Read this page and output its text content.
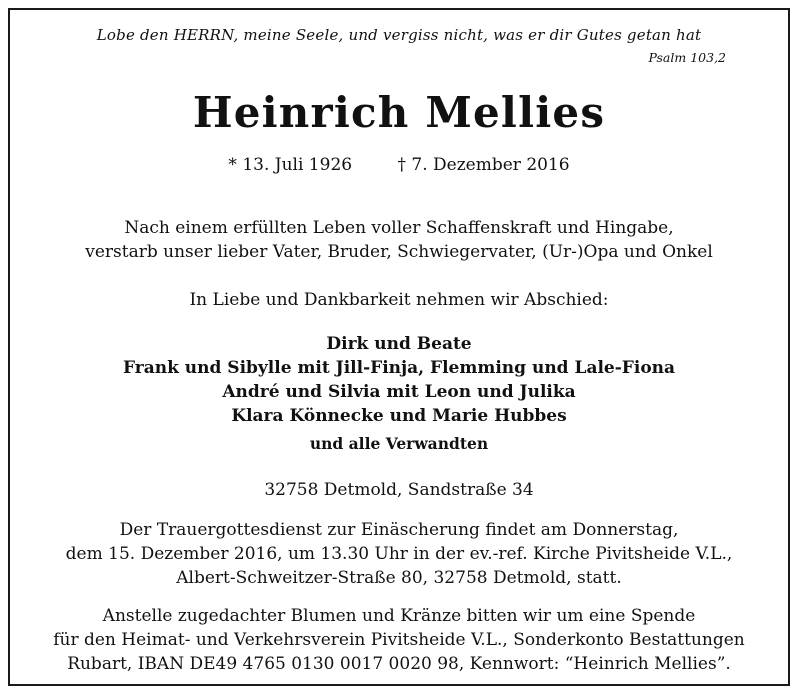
Lobe den HERRN, meine Seele, und vergiss nicht, was er dir Gutes getan hat
Psalm 103,2
Heinrich Mellies
* 13. Juli 1926	† 7. Dezember 2016
Nach einem erfüllten Leben voller Schaffenskraft und Hingabe,
verstarb unser lieber Vater, Bruder, Schwiegervater, (Ur-)Opa und Onkel
In Liebe und Dankbarkeit nehmen wir Abschied:
Dirk und Beate
Frank und Sibylle mit Jill-Finja, Flemming und Lale-Fiona
André und Silvia mit Leon und Julika
Klara Könnecke und Marie Hubbes
und alle Verwandten
32758 Detmold, Sandstraße 34
Der Trauergottesdienst zur Einäscherung findet am Donnerstag,
dem 15. Dezember 2016, um 13.30 Uhr in der ev.-ref. Kirche Pivitsheide V.L.,
Albert-Schweitzer-Straße 80, 32758 Detmold, statt.
Anstelle zugedachter Blumen und Kränze bitten wir um eine Spende
für den Heimat- und Verkehrsverein Pivitsheide V.L., Sonderkonto Bestattungen
Rubart, IBAN DE49 4765 0130 0017 0020 98, Kennwort: “Heinrich Mellies”.
